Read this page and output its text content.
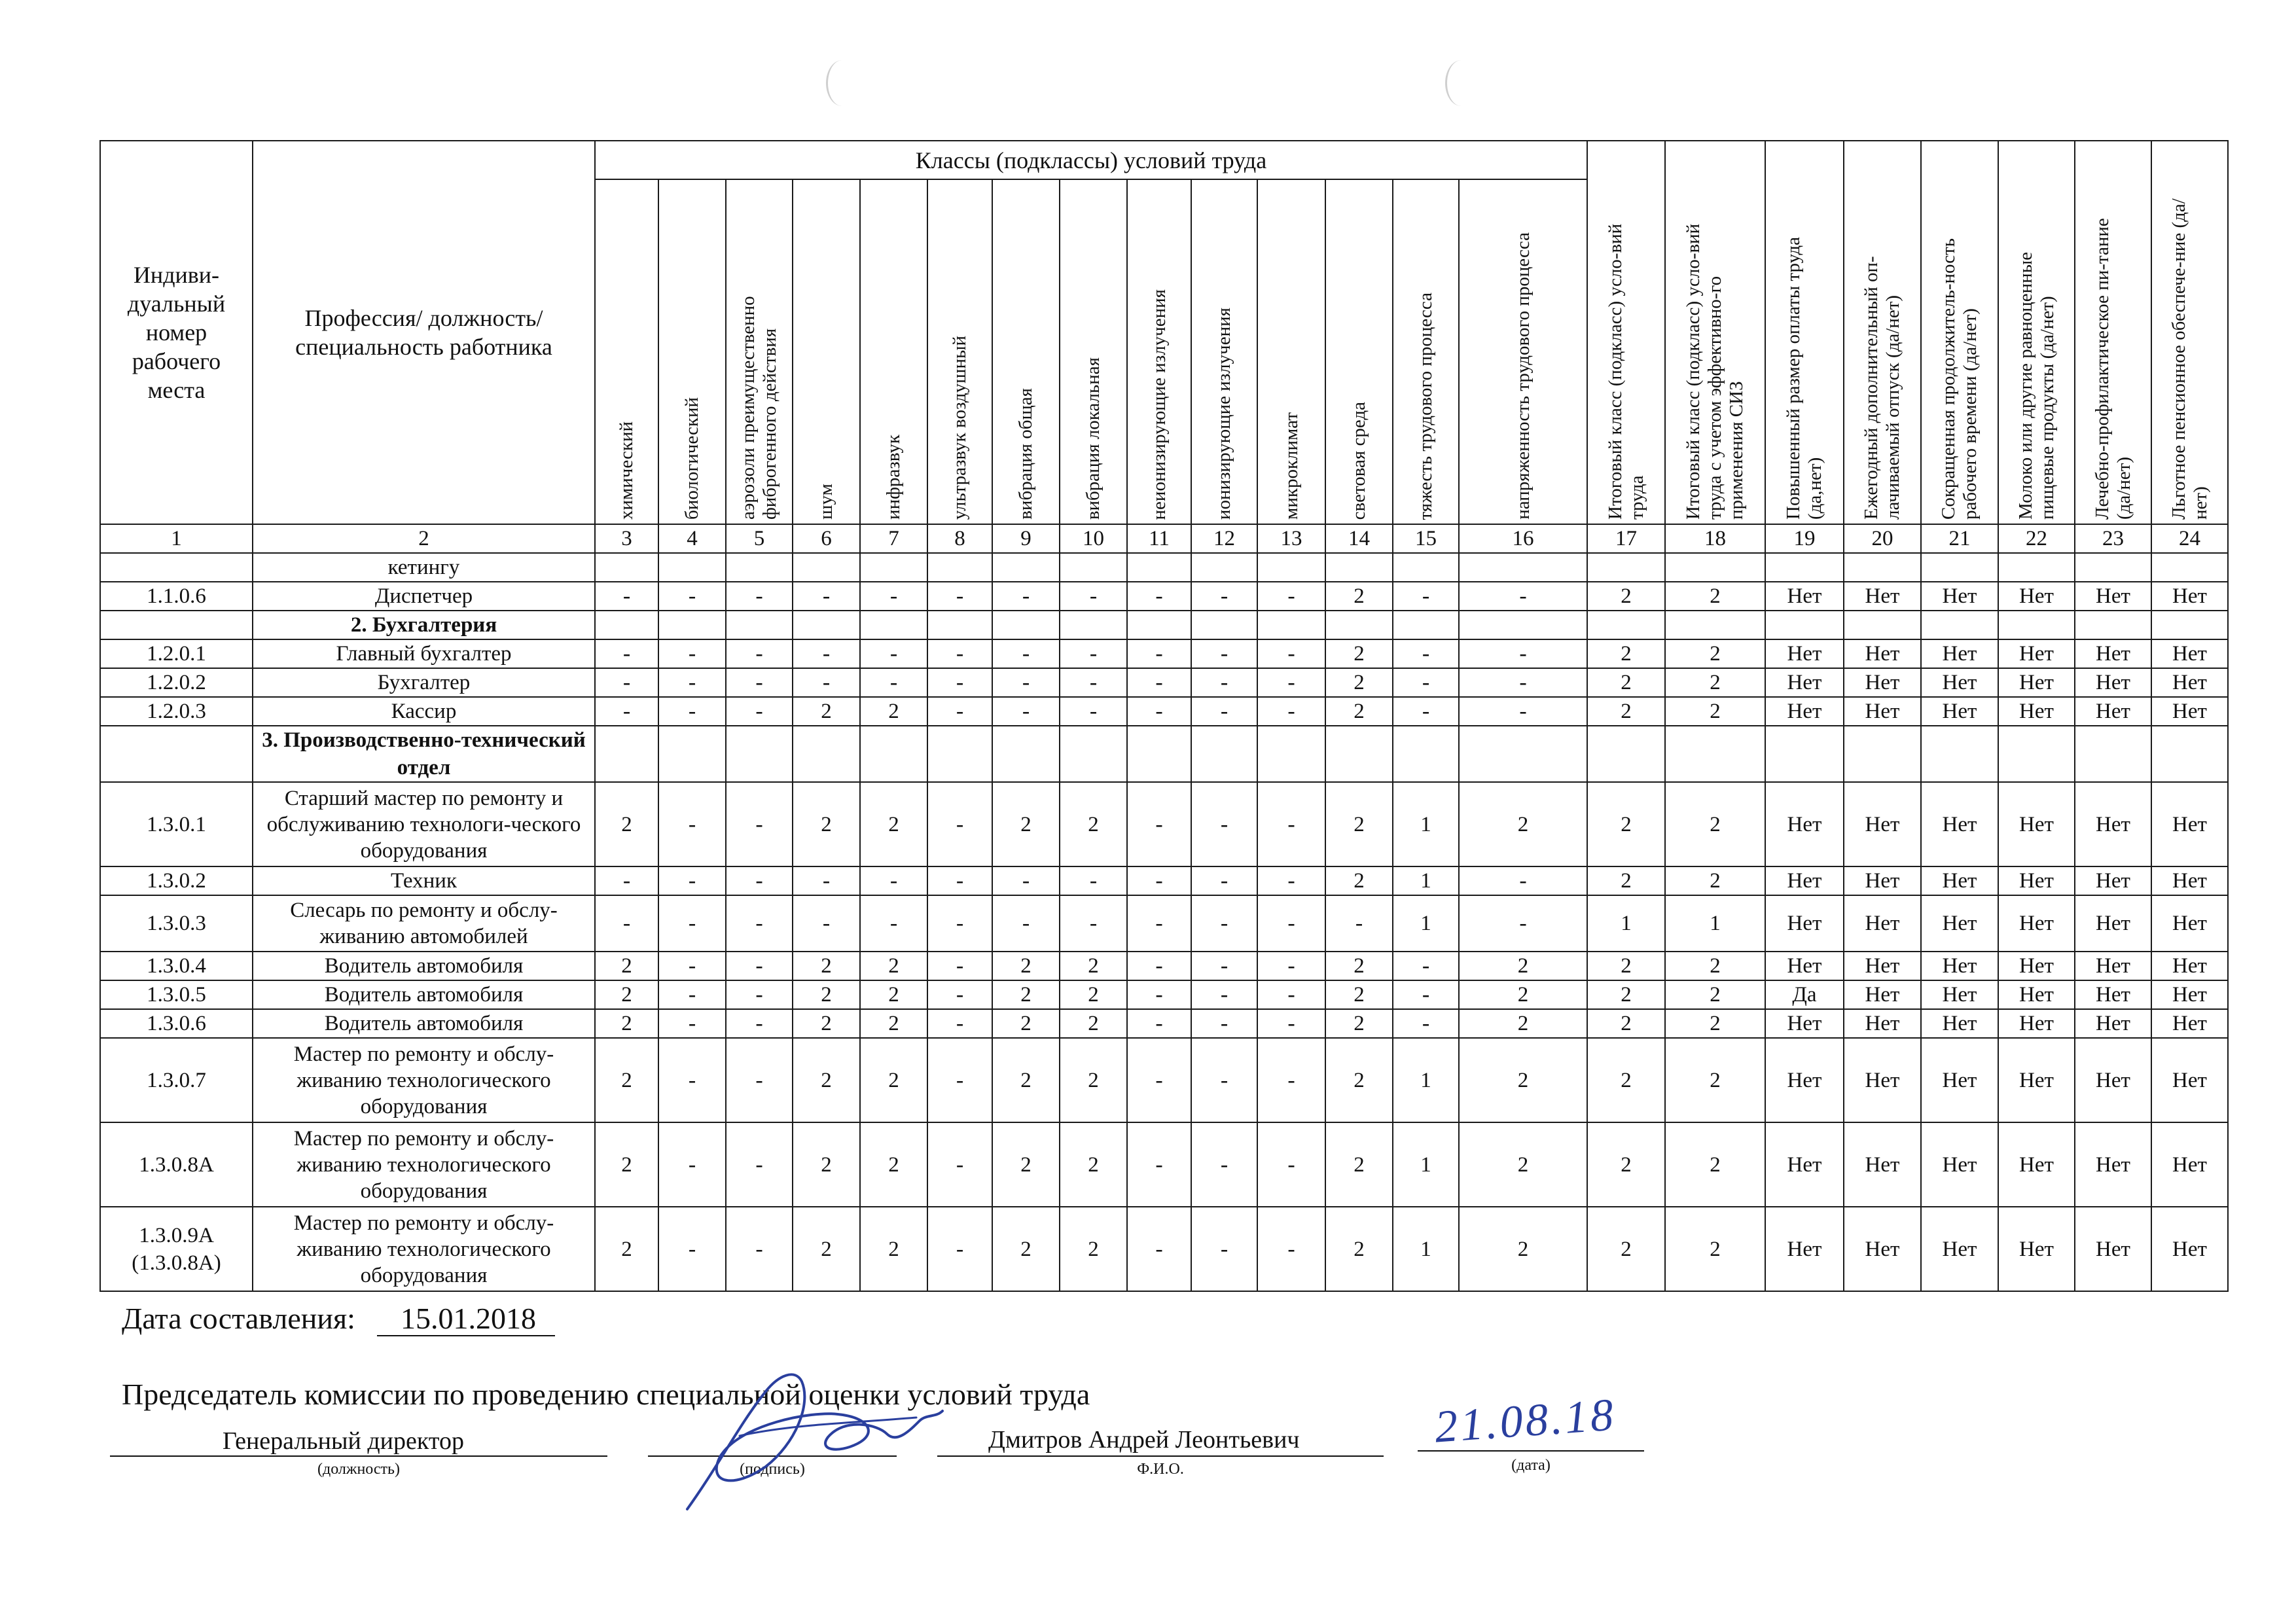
Индиви-дуальный номер рабочего места	Профессия/ должность/ специальность работника	Классы (подклассы) условий труда														Итоговый класс (подкласс) усло-вий труда	Итоговый класс (подкласс) усло-вий труда с учетом эффективно-го применения СИЗ	Повышенный размер оплаты труда (да,нет)	Ежегодный дополнительный оп-лачиваемый отпуск (да/нет)	Сокращенная продолжитель-ность рабочего времени (да/нет)	Молоко или другие равноценные пищевые продукты (да/нет)	Лечебно-профилактическое пи-тание (да/нет)	Льготное пенсионное обеспече-ние (да/нет)

		химический	биологический	аэрозоли преимущественно фиброгенного действия	шум	инфразвук	ультразвук воздушный	вибрация общая	вибрация локальная	неионизирующие излучения	ионизирующие излучения	микроклимат	световая среда	тяжесть трудового процесса	напряженность трудового процесса								

1	2	3	4	5	6	7	8	9	10	11	12	13	14	15	16	17	18	19	20	21	22	23	24
	кетингу																						
1.1.0.6	Диспетчер	-	-	-	-	-	-	-	-	-	-	-	2	-	-	2	2	Нет	Нет	Нет	Нет	Нет	Нет
	2. Бухгалтерия																						
1.2.0.1	Главный бухгалтер	-	-	-	-	-	-	-	-	-	-	-	2	-	-	2	2	Нет	Нет	Нет	Нет	Нет	Нет
1.2.0.2	Бухгалтер	-	-	-	-	-	-	-	-	-	-	-	2	-	-	2	2	Нет	Нет	Нет	Нет	Нет	Нет
1.2.0.3	Кассир	-	-	-	2	2	-	-	-	-	-	-	2	-	-	2	2	Нет	Нет	Нет	Нет	Нет	Нет
	3. Производственно-технический отдел																						
1.3.0.1	Старший мастер по ремонту и обслуживанию технологи-ческого оборудования	2	-	-	2	2	-	2	2	-	-	-	2	1	2	2	2	Нет	Нет	Нет	Нет	Нет	Нет
1.3.0.2	Техник	-	-	-	-	-	-	-	-	-	-	-	2	1	-	2	2	Нет	Нет	Нет	Нет	Нет	Нет
1.3.0.3	Слесарь по ремонту и обслу-живанию автомобилей	-	-	-	-	-	-	-	-	-	-	-	-	1	-	1	1	Нет	Нет	Нет	Нет	Нет	Нет
1.3.0.4	Водитель автомобиля	2	-	-	2	2	-	2	2	-	-	-	2	-	2	2	2	Нет	Нет	Нет	Нет	Нет	Нет
1.3.0.5	Водитель автомобиля	2	-	-	2	2	-	2	2	-	-	-	2	-	2	2	2	Да	Нет	Нет	Нет	Нет	Нет
1.3.0.6	Водитель автомобиля	2	-	-	2	2	-	2	2	-	-	-	2	-	2	2	2	Нет	Нет	Нет	Нет	Нет	Нет
1.3.0.7	Мастер по ремонту и обслу-живанию технологического оборудования	2	-	-	2	2	-	2	2	-	-	-	2	1	2	2	2	Нет	Нет	Нет	Нет	Нет	Нет
1.3.0.8А	Мастер по ремонту и обслу-живанию технологического оборудования	2	-	-	2	2	-	2	2	-	-	-	2	1	2	2	2	Нет	Нет	Нет	Нет	Нет	Нет
1.3.0.9А (1.3.0.8А)	Мастер по ремонту и обслу-живанию технологического оборудования	2	-	-	2	2	-	2	2	-	-	-	2	1	2	2	2	Нет	Нет	Нет	Нет	Нет	Нет
Дата составления: 15.01.2018
Председатель комиссии по проведению специальной оценки условий труда
Генеральный директор
(должность)	(подпись)
Дмитров Андрей Леонтьевич
Ф.И.О.
21.08.18
(дата)
